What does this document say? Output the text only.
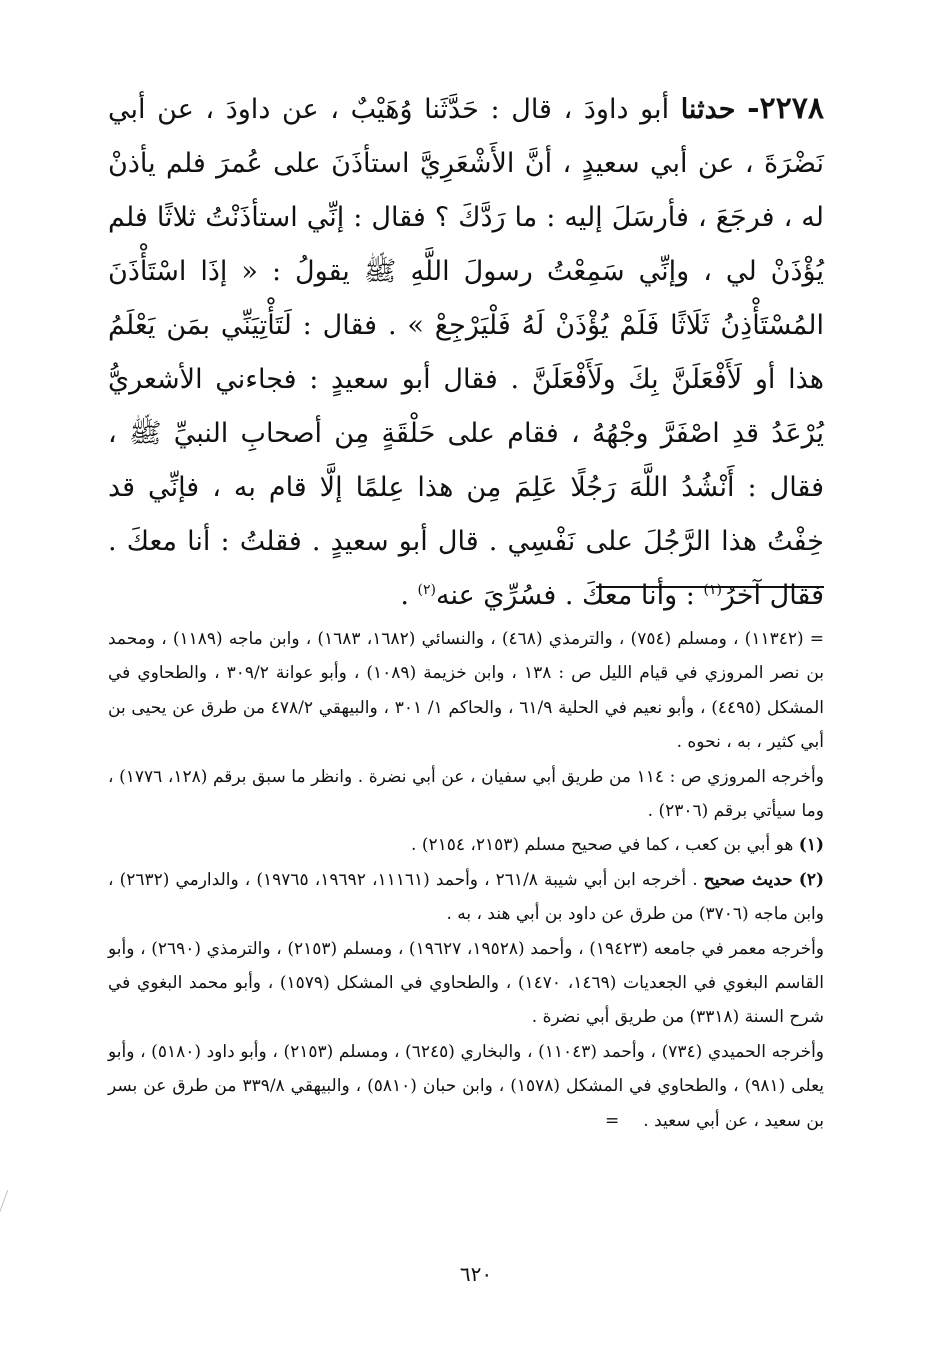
٢٢٧٨- حدثنا أبو داودَ ، قال : حَدَّثَنا وُهَيْبٌ ، عن داودَ ، عن أبي نَضْرَةَ ، عن أبي سعيدٍ ، أنَّ الأَشْعَرِيَّ استأذَنَ على عُمرَ فلم يأذنْ له ، فرجَعَ ، فأرسَلَ إليه : ما رَدَّكَ ؟ فقال : إنِّي استأذَنْتُ ثلاثًا فلم يُؤْذَنْ لي ، وإنِّي سَمِعْتُ رسولَ اللَّهِ ﷺ يقولُ : « إذَا اسْتَأْذَنَ المُسْتَأْذِنُ ثَلَاثًا فَلَمْ يُؤْذَنْ لَهُ فَلْيَرْجِعْ » . فقال : لَتَأْتِيَنِّي بمَن يَعْلَمُ هذا أو لَأَفْعَلَنَّ بِكَ ولَأَفْعَلَنَّ . فقال أبو سعيدٍ : فجاءني الأشعريُّ يُرْعَدُ قدِ اصْفَرَّ وجْهُهُ ، فقام على حَلْقَةٍ مِن أصحابِ النبيِّ ﷺ ، فقال : أَنْشُدُ اللَّهَ رَجُلًا عَلِمَ مِن هذا عِلمًا إلَّا قام به ، فإنِّي قد خِفْتُ هذا الرَّجُلَ على نَفْسِي . قال أبو سعيدٍ . فقلتُ : أنا معكَ . فقال آخرُ$^{(١)}$ : وأنا معكَ . فسُرِّيَ عنه$^{(٢)}$ .

= (١١٣٤٢) ، ومسلم (٧٥٤) ، والترمذي (٤٦٨) ، والنسائي (١٦٨٢، ١٦٨٣) ، وابن ماجه (١١٨٩) ، ومحمد بن نصر المروزي في قيام الليل ص : ١٣٨ ، وابن خزيمة (١٠٨٩) ، وأبو عوانة ٣٠٩/٢ ، والطحاوي في المشكل (٤٤٩٥) ، وأبو نعيم في الحلية ٦١/٩ ، والحاكم ١/ ٣٠١ ، والبيهقي ٤٧٨/٢ من طرق عن يحيى بن أبي كثير ، به ، نحوه .

وأخرجه المروزي ص : ١١٤ من طريق أبي سفيان ، عن أبي نضرة . وانظر ما سبق برقم (١٢٨، ١٧٧٦) ، وما سيأتي برقم (٢٣٠٦) .

(١) هو أبي بن كعب ، كما في صحيح مسلم (٢١٥٣، ٢١٥٤) .

(٢) حديث صحيح . أخرجه ابن أبي شيبة ٢٦١/٨ ، وأحمد (١١١٦١، ١٩٦٩٢، ١٩٧٦٥) ، والدارمي (٢٦٣٢) ، وابن ماجه (٣٧٠٦) من طرق عن داود بن أبي هند ، به .

وأخرجه معمر في جامعه (١٩٤٢٣) ، وأحمد (١٩٥٢٨، ١٩٦٢٧) ، ومسلم (٢١٥٣) ، والترمذي (٢٦٩٠) ، وأبو القاسم البغوي في الجعديات (١٤٦٩، ١٤٧٠) ، والطحاوي في المشكل (١٥٧٩) ، وأبو محمد البغوي في شرح السنة (٣٣١٨) من طريق أبي نضرة .

وأخرجه الحميدي (٧٣٤) ، وأحمد (١١٠٤٣) ، والبخاري (٦٢٤٥) ، ومسلم (٢١٥٣) ، وأبو داود (٥١٨٠) ، وأبو يعلى (٩٨١) ، والطحاوي في المشكل (١٥٧٨) ، وابن حبان (٥٨١٠) ، والبيهقي ٣٣٩/٨ من طرق عن بسر بن سعيد ، عن أبي سعيد .=

٦٢٠
